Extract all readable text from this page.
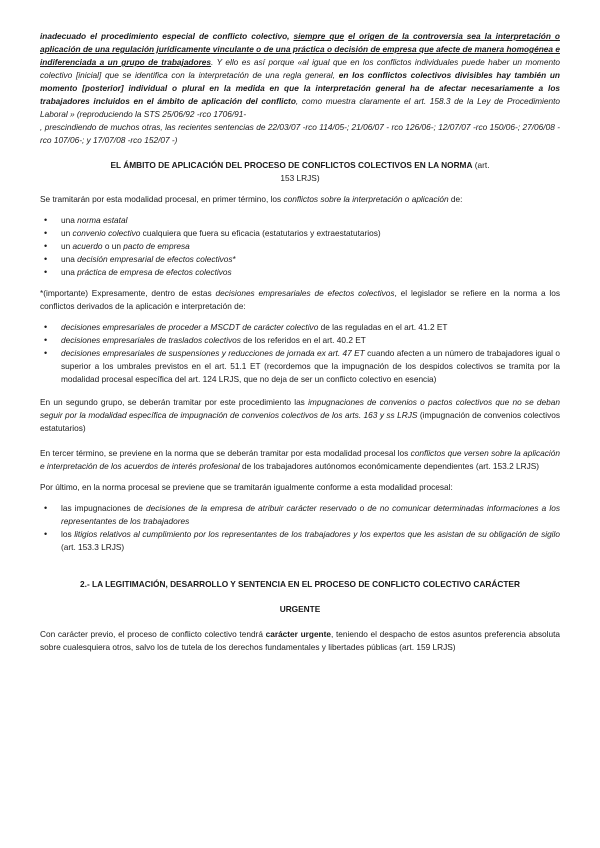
inadecuado el procedimiento especial de conflicto colectivo, siempre que el origen de la controversia sea la interpretación o aplicación de una regulación jurídicamente vinculante o de una práctica o decisión de empresa que afecte de manera homogénea e indiferenciada a un grupo de trabajadores. Y ello es así porque «al igual que en los conflictos individuales puede haber un momento colectivo [inicial] que se identifica con la interpretación de una regla general, en los conflictos colectivos divisibles hay también un momento [posterior] individual o plural en la medida en que la interpretación general ha de afectar necesariamente a los trabajadores incluidos en el ámbito de aplicación del conflicto, como muestra claramente el art. 158.3 de la Ley de Procedimiento Laboral » (reproduciendo la STS 25/06/92 -rco 1706/91-

, prescindiendo de muchos otras, las recientes sentencias de 22/03/07 -rco 114/05-; 21/06/07 - rco 126/06-; 12/07/07 -rco 150/06-; 27/06/08 -rco 107/06-; y 17/07/08 -rco 152/07 -)

EL ÁMBITO DE APLICACIÓN DEL PROCESO DE CONFLICTOS COLECTIVOS EN LA NORMA (art.
153 LRJS)

Se tramitarán por esta modalidad procesal, en primer término, los conflictos sobre la interpretación o aplicación de:

• una norma estatal
• un convenio colectivo cualquiera que fuera su eficacia (estatutarios y extraestatutarios)
• un acuerdo o un pacto de empresa
• una decisión empresarial de efectos colectivos*
• una práctica de empresa de efectos colectivos

*(importante) Expresamente, dentro de estas decisiones empresariales de efectos colectivos, el legislador se refiere en la norma a los conflictos derivados de la aplicación e interpretación de:

• decisiones empresariales de proceder a MSCDT de carácter colectivo de las reguladas en el art. 41.2 ET
• decisiones empresariales de traslados colectivos de los referidos en el art. 40.2 ET
• decisiones empresariales de suspensiones y reducciones de jornada ex art. 47 ET cuando afecten a un número de trabajadores igual o superior a los umbrales previstos en el art. 51.1 ET (recordemos que la impugnación de los despidos colectivos se tramita por la modalidad procesal específica del art. 124 LRJS, que no deja de ser un conflicto colectivo en esencia)

En un segundo grupo, se deberán tramitar por este procedimiento las impugnaciones de convenios o pactos colectivos que no se deban seguir por la modalidad específica de impugnación de convenios colectivos de los arts. 163 y ss LRJS (impugnación de convenios colectivos estatutarios)

En tercer término, se previene en la norma que se deberán tramitar por esta modalidad procesal los conflictos que versen sobre la aplicación e interpretación de los acuerdos de interés profesional de los trabajadores autónomos económicamente dependientes (art. 153.2 LRJS)

Por último, en la norma procesal se previene que se tramitarán igualmente conforme a esta modalidad procesal:

• las impugnaciones de decisiones de la empresa de atribuir carácter reservado o de no comunicar determinadas informaciones a los representantes de los trabajadores
• los litigios relativos al cumplimiento por los representantes de los trabajadores y los expertos que les asistan de su obligación de sigilo (art. 153.3 LRJS)

2.- LA LEGITIMACIÓN, DESARROLLO Y SENTENCIA EN EL PROCESO DE CONFLICTO COLECTIVO CARÁCTER

URGENTE

Con carácter previo, el proceso de conflicto colectivo tendrá carácter urgente, teniendo el despacho de estos asuntos preferencia absoluta sobre cualesquiera otros, salvo los de tutela de los derechos fundamentales y libertades públicas (art. 159 LRJS)
